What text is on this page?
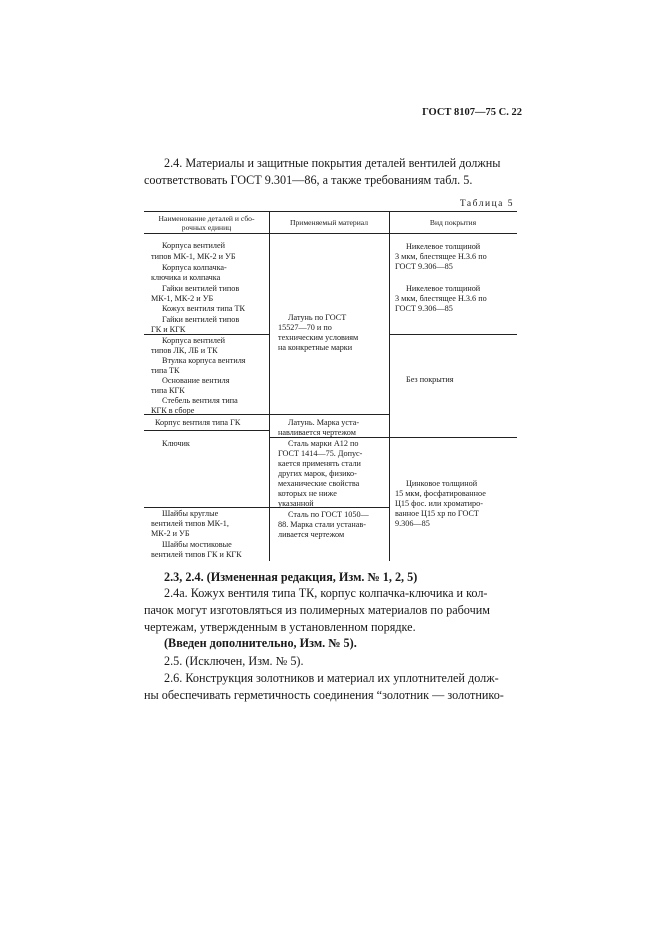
ГОСТ 8107—75 С. 22
2.4. Материалы и защитные покрытия деталей вентилей должны
соответствовать ГОСТ 9.301—86, а также требованиям табл. 5.
Таблица 5
Наименование деталей и сбо-
рочных единиц
Применяемый материал	Вид покрытия
Корпуса вентилей
типов МК-1, МК-2 и УБ
Корпуса колпачка-
ключика и колпачка
Гайки вентилей типов
МК-1, МК-2 и УБ
Кожух вентиля типа ТК
Гайки вентилей типов
ГК и КГК
Корпуса вентилей
типов ЛК, ЛБ и ТК
Втулка корпуса вентиля
типа ТК
Основание вентиля
типа КГК
Стебель вентиля типа
КГК в сборе
Корпус вентиля типа ГК
Ключик
Шайбы круглые
вентилей типов МК-1,
МК-2 и УБ
Шайбы мостиковые
вентилей типов ГК и КГК
Латунь по ГОСТ
15527—70 и по
техническим условиям
на конкретные марки
Латунь. Марка уста-
навливается чертежом
Сталь марки А12 по
ГОСТ 1414—75. Допус-
кается применять стали
других марок, физико-
механические свойства
которых не ниже
указанной
Сталь по ГОСТ 1050—
88. Марка стали устанав-
ливается чертежом
Никелевое толщиной
3 мкм, блестящее Н.3.6 по
ГОСТ 9.306—85
Никелевое толщиной
3 мкм, блестящее Н.3.6 по
ГОСТ 9.306—85
Без покрытия
Цинковое толщиной
15 мкм, фосфатированное
Ц15 фос. или хроматиро-
ванное Ц15 хр по ГОСТ
9.306—85
2.3, 2.4. (Измененная редакция, Изм. № 1, 2, 5)
2.4а. Кожух вентиля типа ТК, корпус колпачка-ключика и кол-
пачок могут изготовляться из полимерных материалов по рабочим
чертежам, утвержденным в установленном порядке.
(Введен дополнительно, Изм. № 5).
2.5. (Исключен, Изм. № 5).
2.6. Конструкция золотников и материал их уплотнителей долж-
ны обеспечивать герметичность соединения “золотник — золотнико-
